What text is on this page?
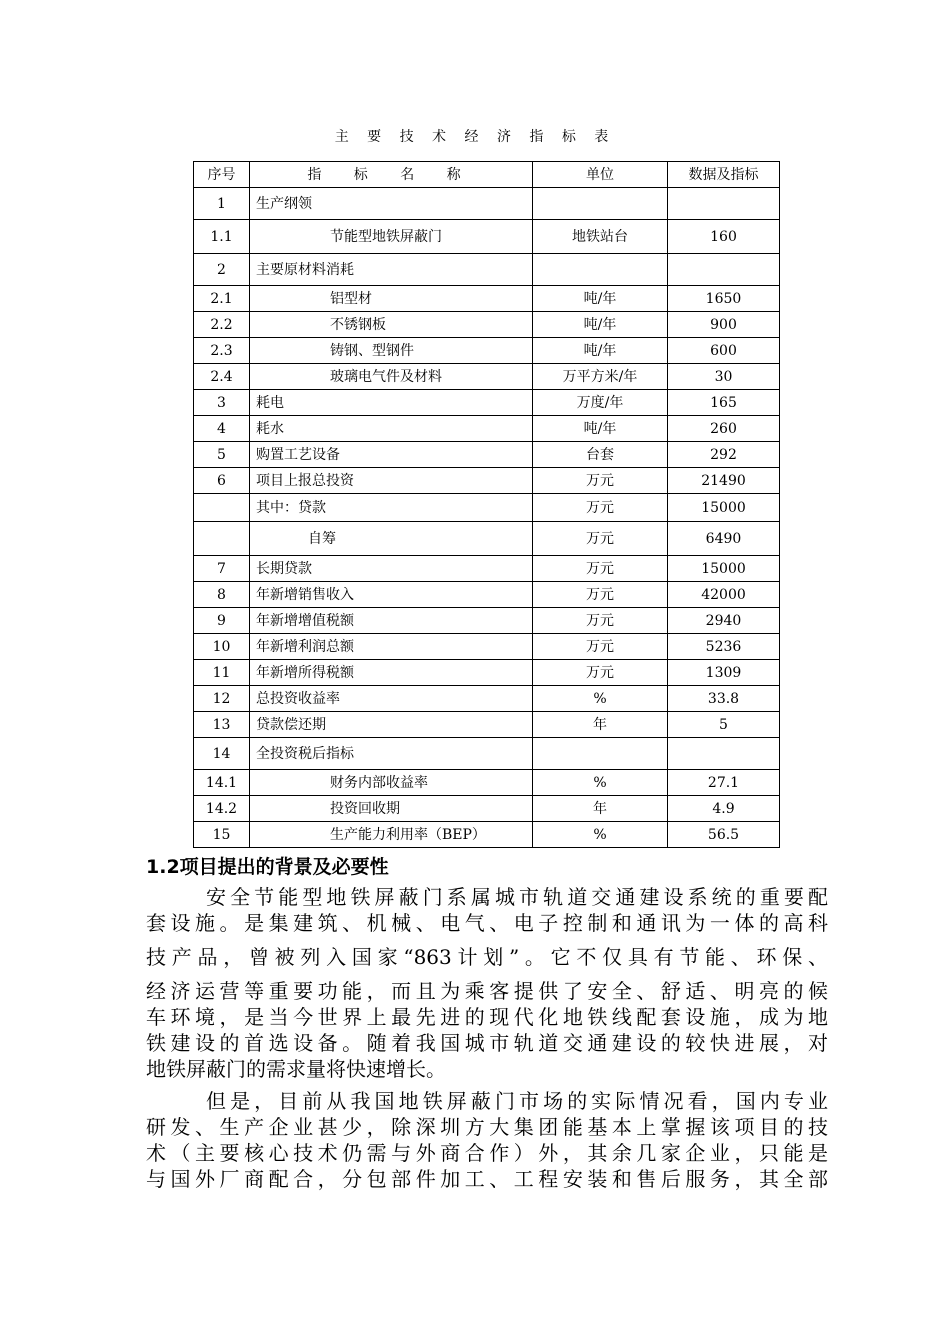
主 要 技 术 经 济 指 标 表
序号	指 标 名 称	单位	数据及指标
1	生产纲领		
1.1	节能型地铁屏蔽门	地铁站台	160
2	主要原材料消耗		
2.1	铝型材	吨/年	1650
2.2	不锈钢板	吨/年	900
2.3	铸钢、型钢件	吨/年	600
2.4	玻璃电气件及材料	万平方米/年	30
3	耗电	万度/年	165
4	耗水	吨/年	260
5	购置工艺设备	台套	292
6	项目上报总投资	万元	21490
	其中：贷款	万元	15000
	自筹	万元	6490
7	长期贷款	万元	15000
8	年新增销售收入	万元	42000
9	年新增增值税额	万元	2940
10	年新增利润总额	万元	5236
11	年新增所得税额	万元	1309
12	总投资收益率	%	33.8
13	贷款偿还期	年	5
14	全投资税后指标		
14.1	财务内部收益率	%	27.1
14.2	投资回收期	年	4.9
15	生产能力利用率（BEP）	%	56.5
1.2项目提出的背景及必要性
安全节能型地铁屏蔽门系属城市轨道交通建设系统的重要配
套设施。是集建筑、机械、电气、电子控制和通讯为一体的高科
技产品，曾被列入国家“863计划”。它不仅具有节能、环保、
经济运营等重要功能，而且为乘客提供了安全、舒适、明亮的候
车环境，是当今世界上最先进的现代化地铁线配套设施，成为地
铁建设的首选设备。随着我国城市轨道交通建设的较快进展，对
地铁屏蔽门的需求量将快速增长。
但是，目前从我国地铁屏蔽门市场的实际情况看，国内专业
研发、生产企业甚少，除深圳方大集团能基本上掌握该项目的技
术（主要核心技术仍需与外商合作）外，其余几家企业，只能是
与国外厂商配合，分包部件加工、工程安装和售后服务，其全部
